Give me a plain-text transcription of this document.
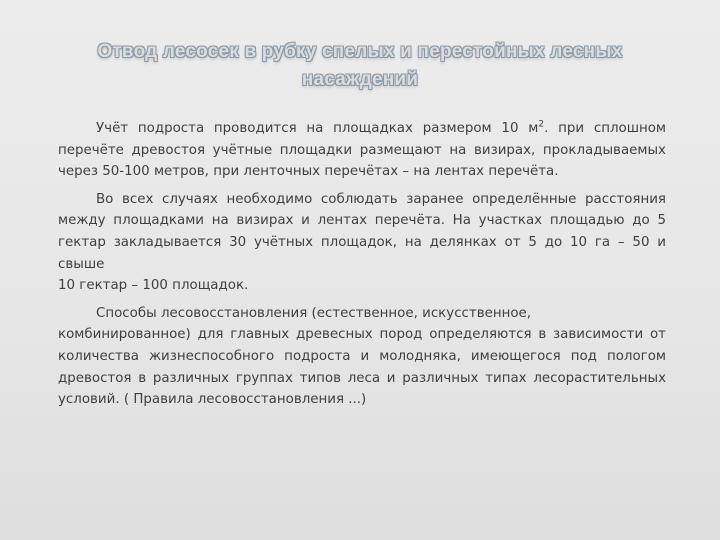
Отвод лесосек в рубку спелых и перестойных лесных
насаждений

Учёт подроста проводится на площадках размером 10 $м^2$. при сплошном
перечёте древостоя учётные площадки размещают на визирах, прокладываемых
через 50-100 метров, при ленточных перечётах – на лентах перечёта.

Во всех случаях необходимо соблюдать заранее определённые расстояния
между площадками на визирах и лентах перечёта. На участках площадью до 5
гектар закладывается 30 учётных площадок, на делянках от 5 до 10 га – 50 и свыше
10 гектар – 100 площадок.

Способы лесовосстановления (естественное, искусственное,
комбинированное) для главных древесных пород определяются в зависимости от
количества жизнеспособного подроста и молодняка, имеющегося под пологом
древостоя в различных группах типов леса и различных типах лесорастительных
условий. ( Правила лесовосстановления ...)
